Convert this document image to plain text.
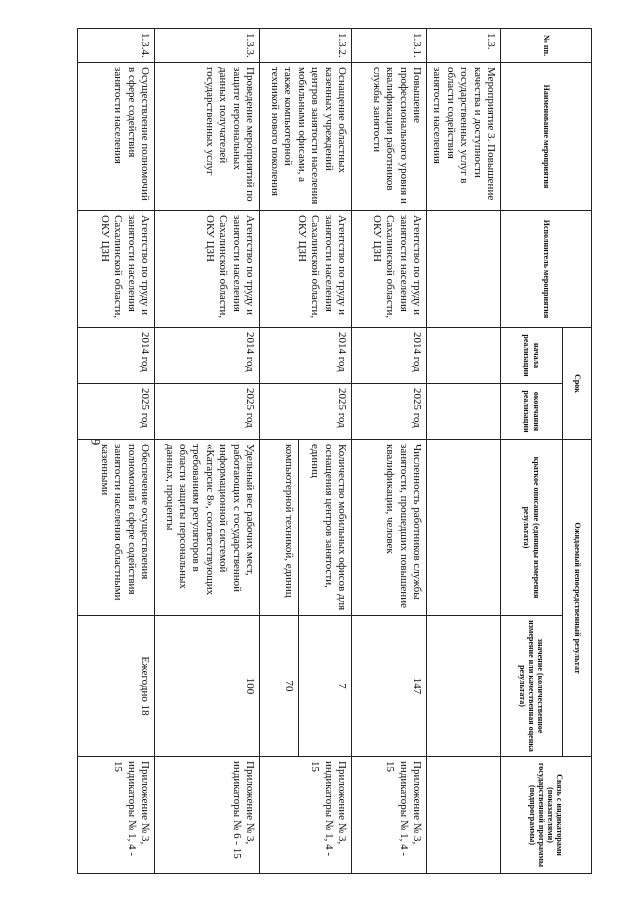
9
№ пп.	Наименование мероприятия	Исполнитель мероприятия	Срок		Ожидаемый непосредственный результат		Связь с индикаторами (показателями) государственной программы (подпрограммы)
			начала реализации	окончания реализации	краткое описание (единицы измерения результата)	значение (количественное измерение или качественная оценка результата)	
1.3.	Мероприятие 3. Повышение качества и доступности государственных услуг в области содействия занятости населения						
1.3.1.	Повышение профессионального уровня и квалификации работников службы занятости	Агентство по труду и занятости населения Сахалинской области, ОКУ ЦЗН	2014 год	2025 год	Численность работников службы занятости, прошедших повышение квалификации, человек	147	Приложение № 3, индикаторы № 1, 4 - 15
1.3.2.	Оснащение областных казенных учреждений центров занятости населения мобильными офисами, а также компьютерной техникой нового поколения	Агентство по труду и занятости населения Сахалинской области, ОКУ ЦЗН	2014 год	2025 год	Количество мобильных офисов для оснащения центров занятости, единиц	7	Приложение № 3, индикаторы № 1, 4 - 15
					компьютерной техникой, единиц	70	
1.3.3.	Проведение мероприятий по защите персональных данных получателей государственных услуг	Агентство по труду и занятости населения Сахалинской области, ОКУ ЦЗН	2014 год	2025 год	Удельный вес рабочих мест, работающих с государственной информационной системой «Катарсис 8», соответствующих требованиям регуляторов в области защиты персональных данных, проценты	100	Приложение № 3, индикаторы № 6 - 15
1.3.4.	Осуществление полномочий в сфере содействия занятости населения	Агентство по труду и занятости населения Сахалинской области, ОКУ ЦЗН	2014 год	2025 год	Обеспечение осуществления полномочий в сфере содействия занятости населения областными казенными	Ежегодно 18	Приложение № 3, индикаторы № 1, 4 - 15
